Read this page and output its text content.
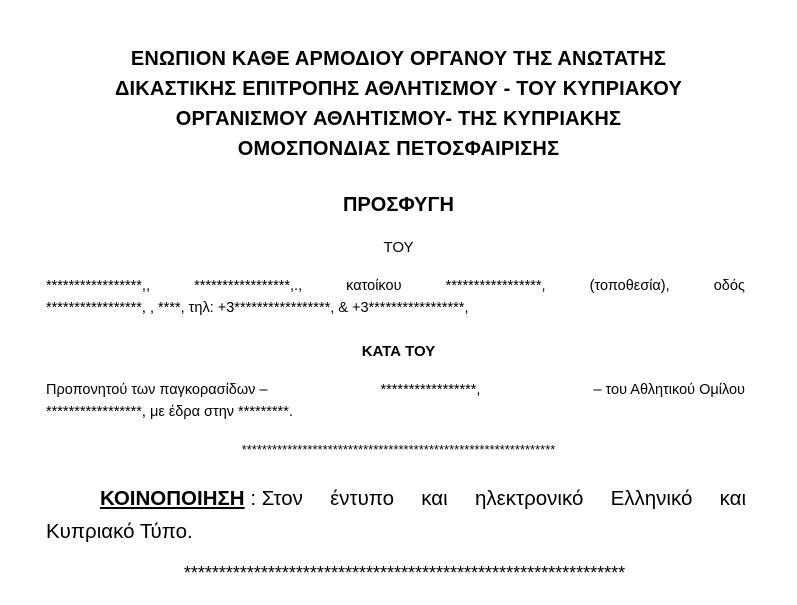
ΕΝΩΠΙΟΝ ΚΑΘΕ ΑΡΜΟΔΙΟΥ ΟΡΓΑΝΟΥ ΤΗΣ ΑΝΩΤΑΤΗΣ
ΔΙΚΑΣΤΙΚΗΣ ΕΠΙΤΡΟΠΗΣ ΑΘΛΗΤΙΣΜΟΥ - ΤΟΥ ΚΥΠΡΙΑΚΟΥ
ΟΡΓΑΝΙΣΜΟΥ ΑΘΛΗΤΙΣΜΟΥ- ΤΗΣ ΚΥΠΡΙΑΚΗΣ
ΟΜΟΣΠΟΝΔΙΑΣ ΠΕΤΟΣΦΑΙΡΙΣΗΣ
ΠΡΟΣΦΥΓΗ
ΤΟΥ
*****************,,	*****************,.,	κατοίκου	*****************,	(τοποθεσία),	οδός
*****************, , ****, τηλ: +3*****************, & +3*****************,
ΚΑΤΑ ΤΟΥ
Προπονητού των παγκορασίδων –	*****************,	– του Αθλητικού Ομίλου
*****************, με έδρα στην *********.
**************************************************************
ΚΟΙΝΟΠΟΙΗΣΗ : Στον έντυπο και ηλεκτρονικό Ελληνικό και
Κυπριακό Τύπο.
***************************************************************
